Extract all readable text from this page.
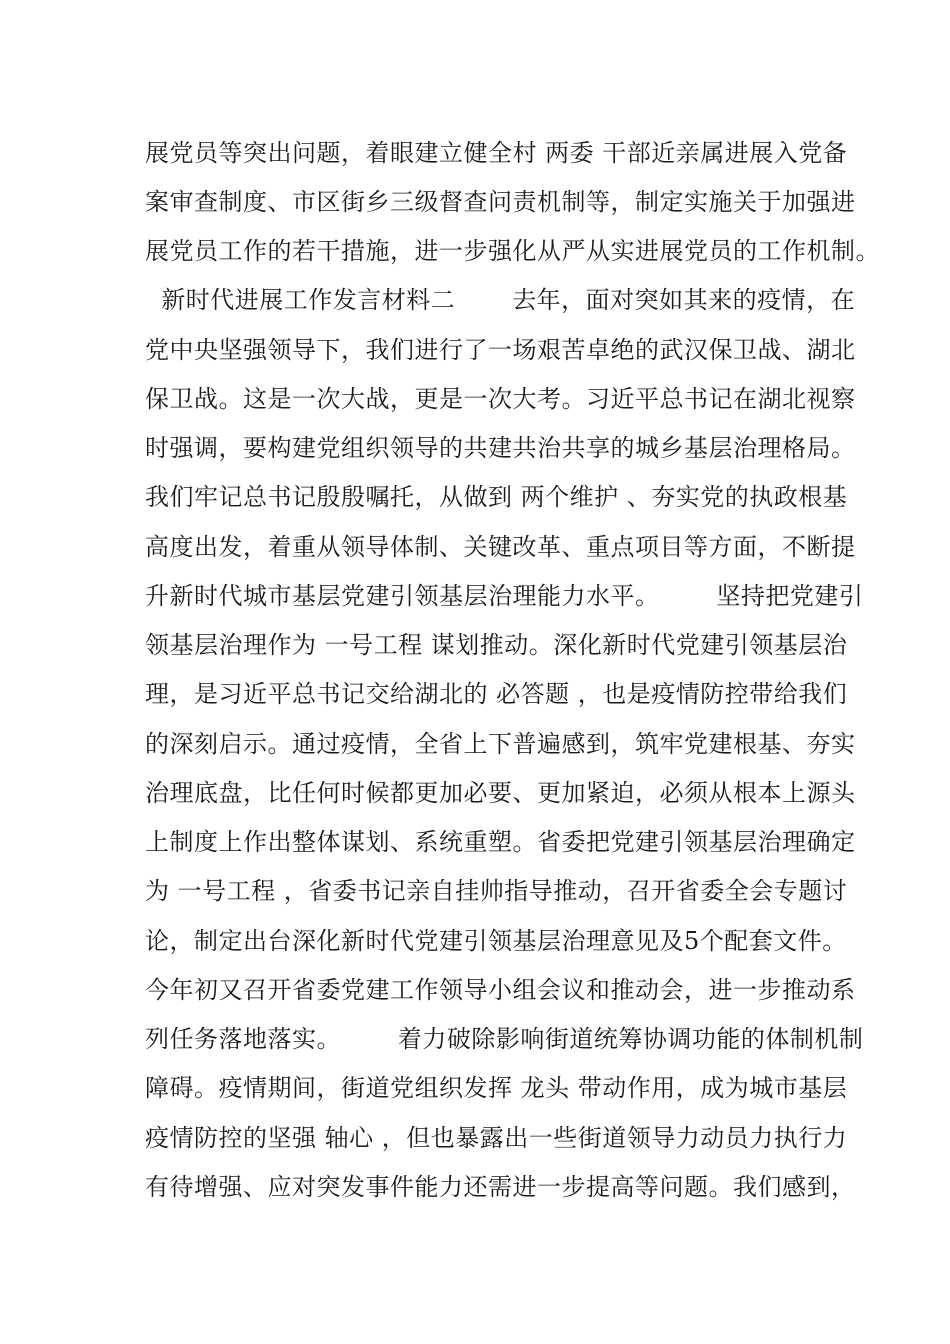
展党员等突出问题，着眼建立健全村 两委 干部近亲属进展入党备
案审查制度、市区街乡三级督查问责机制等，制定实施关于加强进
展党员工作的若干措施，进一步强化从严从实进展党员的工作机制。
新时代进展工作发言材料二       去年，面对突如其来的疫情，在
党中央坚强领导下，我们进行了一场艰苦卓绝的武汉保卫战、湖北
保卫战。这是一次大战，更是一次大考。习近平总书记在湖北视察
时强调，要构建党组织领导的共建共治共享的城乡基层治理格局。
我们牢记总书记殷殷嘱托，从做到 两个维护 、夯实党的执政根基
高度出发，着重从领导体制、关键改革、重点项目等方面，不断提
升新时代城市基层党建引领基层治理能力水平。       坚持把党建引
领基层治理作为 一号工程 谋划推动。深化新时代党建引领基层治
理，是习近平总书记交给湖北的 必答题 ，也是疫情防控带给我们
的深刻启示。通过疫情，全省上下普遍感到，筑牢党建根基、夯实
治理底盘，比任何时候都更加必要、更加紧迫，必须从根本上源头
上制度上作出整体谋划、系统重塑。省委把党建引领基层治理确定
为 一号工程 ，省委书记亲自挂帅指导推动，召开省委全会专题讨
论，制定出台深化新时代党建引领基层治理意见及5个配套文件。
今年初又召开省委党建工作领导小组会议和推动会，进一步推动系
列任务落地落实。       着力破除影响街道统筹协调功能的体制机制
障碍。疫情期间，街道党组织发挥 龙头 带动作用，成为城市基层
疫情防控的坚强 轴心 ，但也暴露出一些街道领导力动员力执行力
有待增强、应对突发事件能力还需进一步提高等问题。我们感到，
